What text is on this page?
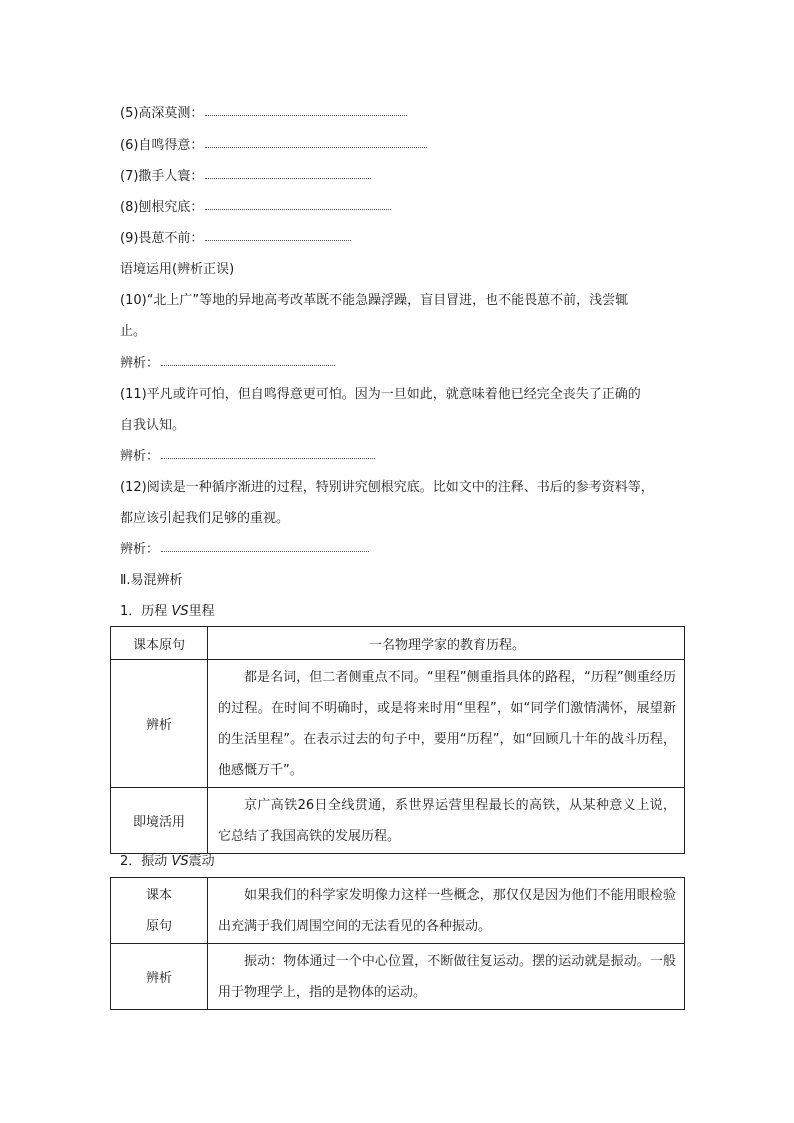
(5)高深莫测：
(6)自鸣得意：
(7)撒手人寰：
(8)刨根究底：
(9)畏葸不前：
语境运用(辨析正误)
(10)“北上广”等地的异地高考改革既不能急躁浮躁，盲目冒进，也不能畏葸不前，浅尝辄
止。
辨析：
(11)平凡或许可怕，但自鸣得意更可怕。因为一旦如此，就意味着他已经完全丧失了正确的
自我认知。
辨析：
(12)阅读是一种循序渐进的过程，特别讲究刨根究底。比如文中的注释、书后的参考资料等，
都应该引起我们足够的重视。
辨析：
Ⅱ.易混辨析
1．历程 VS里程
课本原句	一名物理学家的教育历程。
辨析	都是名词，但二者侧重点不同。“里程”侧重指具体的路程，“历程”侧重经历的过程。在时间不明确时，或是将来时用“里程”，如“同学们激情满怀，展望新的生活里程”。在表示过去的句子中，要用“历程”，如“回顾几十年的战斗历程，他感慨万千”。
即境活用	京广高铁26日全线贯通，系世界运营里程最长的高铁，从某种意义上说，它总结了我国高铁的发展历程。
2．振动 VS震动
课本
原句	如果我们的科学家发明像力这样一些概念，那仅仅是因为他们不能用眼检验出充满于我们周围空间的无法看见的各种振动。
辨析	振动：物体通过一个中心位置，不断做往复运动。摆的运动就是振动。一般用于物理学上，指的是物体的运动。
